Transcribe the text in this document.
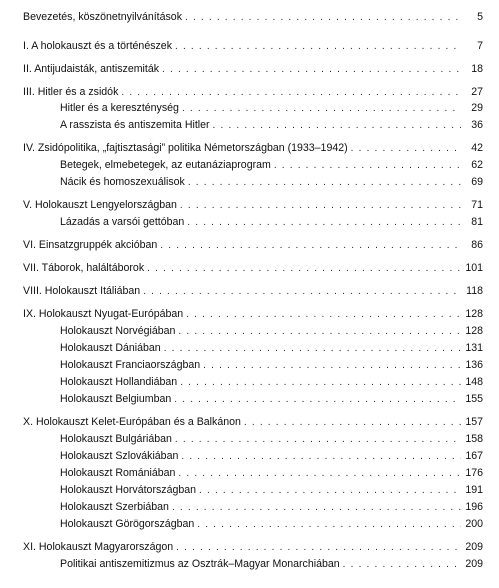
Bevezetés, köszönetnyilvánítások . . .	5
I. A holokauszt és a történészek . . .	7
II. Antijudaisták, antiszemiták . . .	18
III. Hitler és a zsidók . . .	27
Hitler és a kereszténység . . .	29
A rasszista és antiszemita Hitler . . .	36
IV. Zsidópolitika, „fajtisztasági” politika Németországban (1933–1942) . . .	42
Betegek, elmebetegek, az eutanáziaprogram . . .	62
Nácik és homoszexuálisok . . .	69
V. Holokauszt Lengyelországban . . .	71
Lázadás a varsói gettóban . . .	81
VI. Einsatzgruppék akcióban . . .	86
VII. Táborok, haláltáborok . . .	101
VIII. Holokauszt Itáliában . . .	118
IX. Holokauszt Nyugat-Európában . . .	128
Holokauszt Norvégiában . . .	128
Holokauszt Dániában . . .	131
Holokauszt Franciaországban . . .	136
Holokauszt Hollandiában . . .	148
Holokauszt Belgiumban . . .	155
X. Holokauszt Kelet-Európában és a Balkánon . . .	157
Holokauszt Bulgáriában . . .	158
Holokauszt Szlovákiában . . .	167
Holokauszt Romániában . . .	176
Holokauszt Horvátországban . . .	191
Holokauszt Szerbiában . . .	196
Holokauszt Görögországban . . .	200
XI. Holokauszt Magyarországon . . .	209
Politikai antiszemitizmus az Osztrák–Magyar Monarchiában . . .	209
